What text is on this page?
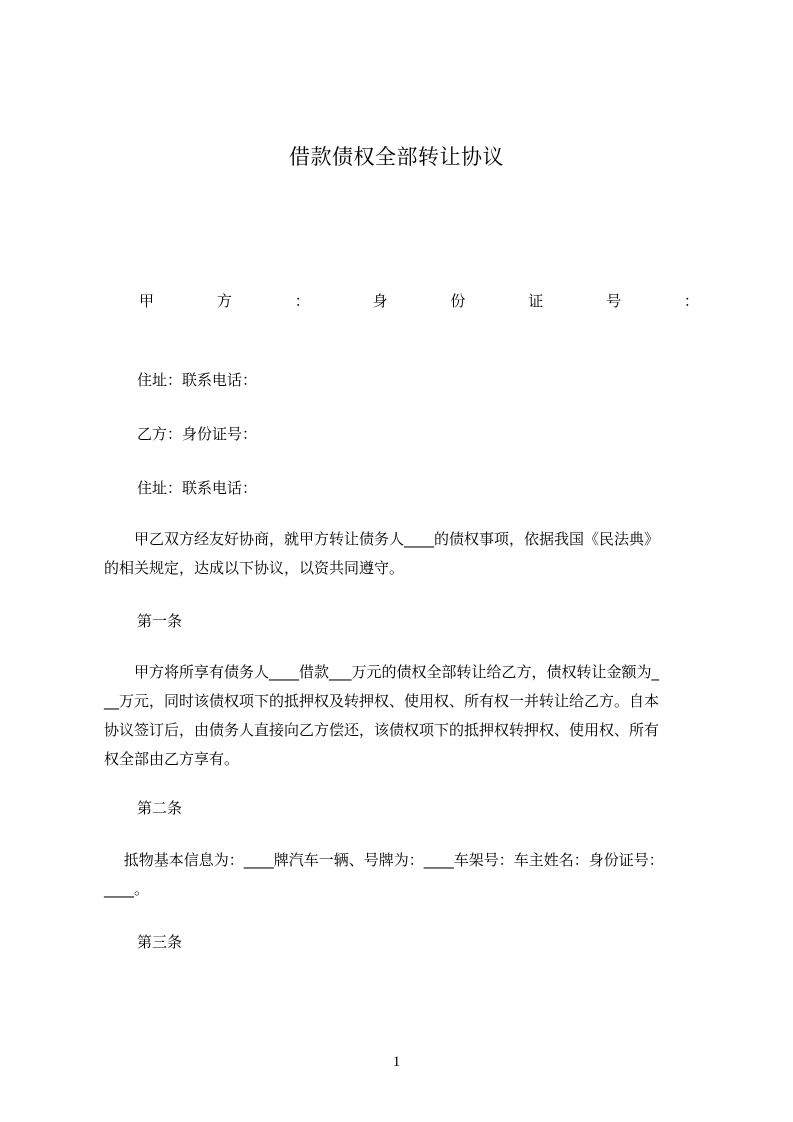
借款债权全部转让协议
甲	方	：	身	份	证	号	：
住址：联系电话：
乙方：身份证号：
住址：联系电话：
　　甲乙双方经友好协商，就甲方转让债务人____的债权事项，依据我国《民法典》
的相关规定，达成以下协议，以资共同遵守。
第一条
　　甲方将所享有债务人____借款___万元的债权全部转让给乙方，债权转让金额为_
__万元，同时该债权项下的抵押权及转押权、使用权、所有权一并转让给乙方。自本
协议签订后，由债务人直接向乙方偿还，该债权项下的抵押权转押权、使用权、所有
权全部由乙方享有。
第二条
　 抵物基本信息为：____牌汽车一辆、号牌为：____车架号：车主姓名：身份证号：
____。
第三条
1
